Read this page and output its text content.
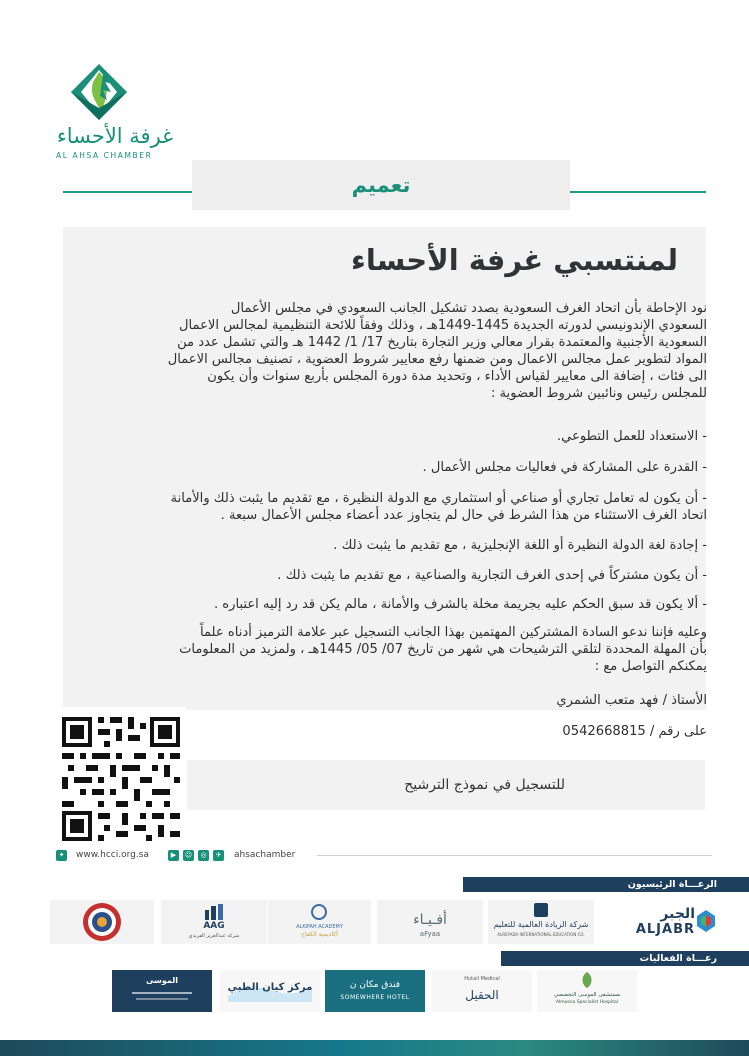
غرفة الأحساء
AL AHSA CHAMBER
تعميم
لمنتسبي غرفة الأحساء
نود الإحاطة بأن اتحاد الغرف السعودية بصدد تشكيل الجانب السعودي في مجلس الأعمال
السعودي الإندونيسي لدورته الجديدة 1445-1449هـ ، وذلك وفقاً للائحة التنظيمية لمجالس الاعمال
السعودية الأجنبية والمعتمدة بقرار معالي وزير التجارة بتاريخ 17/ 1/ 1442 هـ والتي تشمل عدد من
المواد لتطوير عمل مجالس الاعمال ومن ضمنها رفع معايير شروط العضوية ، تصنيف مجالس الاعمال
الى فئات ، إضافة الى معايير لقياس الأداء ، وتحديد مدة دورة المجلس بأربع سنوات وأن يكون
للمجلس رئيس ونائبين شروط العضوية :
- الاستعداد للعمل التطوعي.
- القدرة على المشاركة في فعاليات مجلس الأعمال .
- أن يكون له تعامل تجاري أو صناعي أو استثماري مع الدولة النظيرة ، مع تقديم ما يثبت ذلك والأمانة
اتحاد الغرف الاستثناء من هذا الشرط في حال لم يتجاوز عدد أعضاء مجلس الأعمال سبعة .
- إجادة لغة الدولة النظيرة أو اللغة الإنجليزية ، مع تقديم ما يثبت ذلك .
- أن يكون مشتركاً في إحدى الغرف التجارية والصناعية ، مع تقديم ما يثبت ذلك .
- ألا يكون قد سبق الحكم عليه بجريمة مخلة بالشرف والأمانة ، مالم يكن قد رد إليه اعتباره .
وعليه فإننا ندعو السادة المشتركين المهتمين بهذا الجانب التسجيل عبر علامة الترميز أدناه علماً
بأن المهلة المحددة لتلقي الترشيحات هي شهر من تاريخ 07/ 05/ 1445هـ ، ولمزيد من المعلومات
يمكنكم التواصل مع :
الأستاذ / فهد متعب الشمري
على رقم / 0542668815
للتسجيل في نموذج الترشيح
✦ www.hcci.org.sa	▶	☺	◎	✈ ahsachamber
الرعـــاة الرئيسيون
الجبر
ALJABR
شركة الريادة العالمية للتعليم
ALREYADA INTERNATIONAL EDUCATION CO.
أفـيـاء
aFyaa
ALKIFAH ACADEMY
أكاديمية الكفاح
AAG
شركة عبدالعزيز الفريدي
رعـــاة الفعاليات
مستشفى الموسى التخصصي
Almoosa Specialist Hospital
Hutail Medical
الحقيل
فندق مكان ن
SOMEWHERE HOTEL
مركز كيان الطبي
الموسى
